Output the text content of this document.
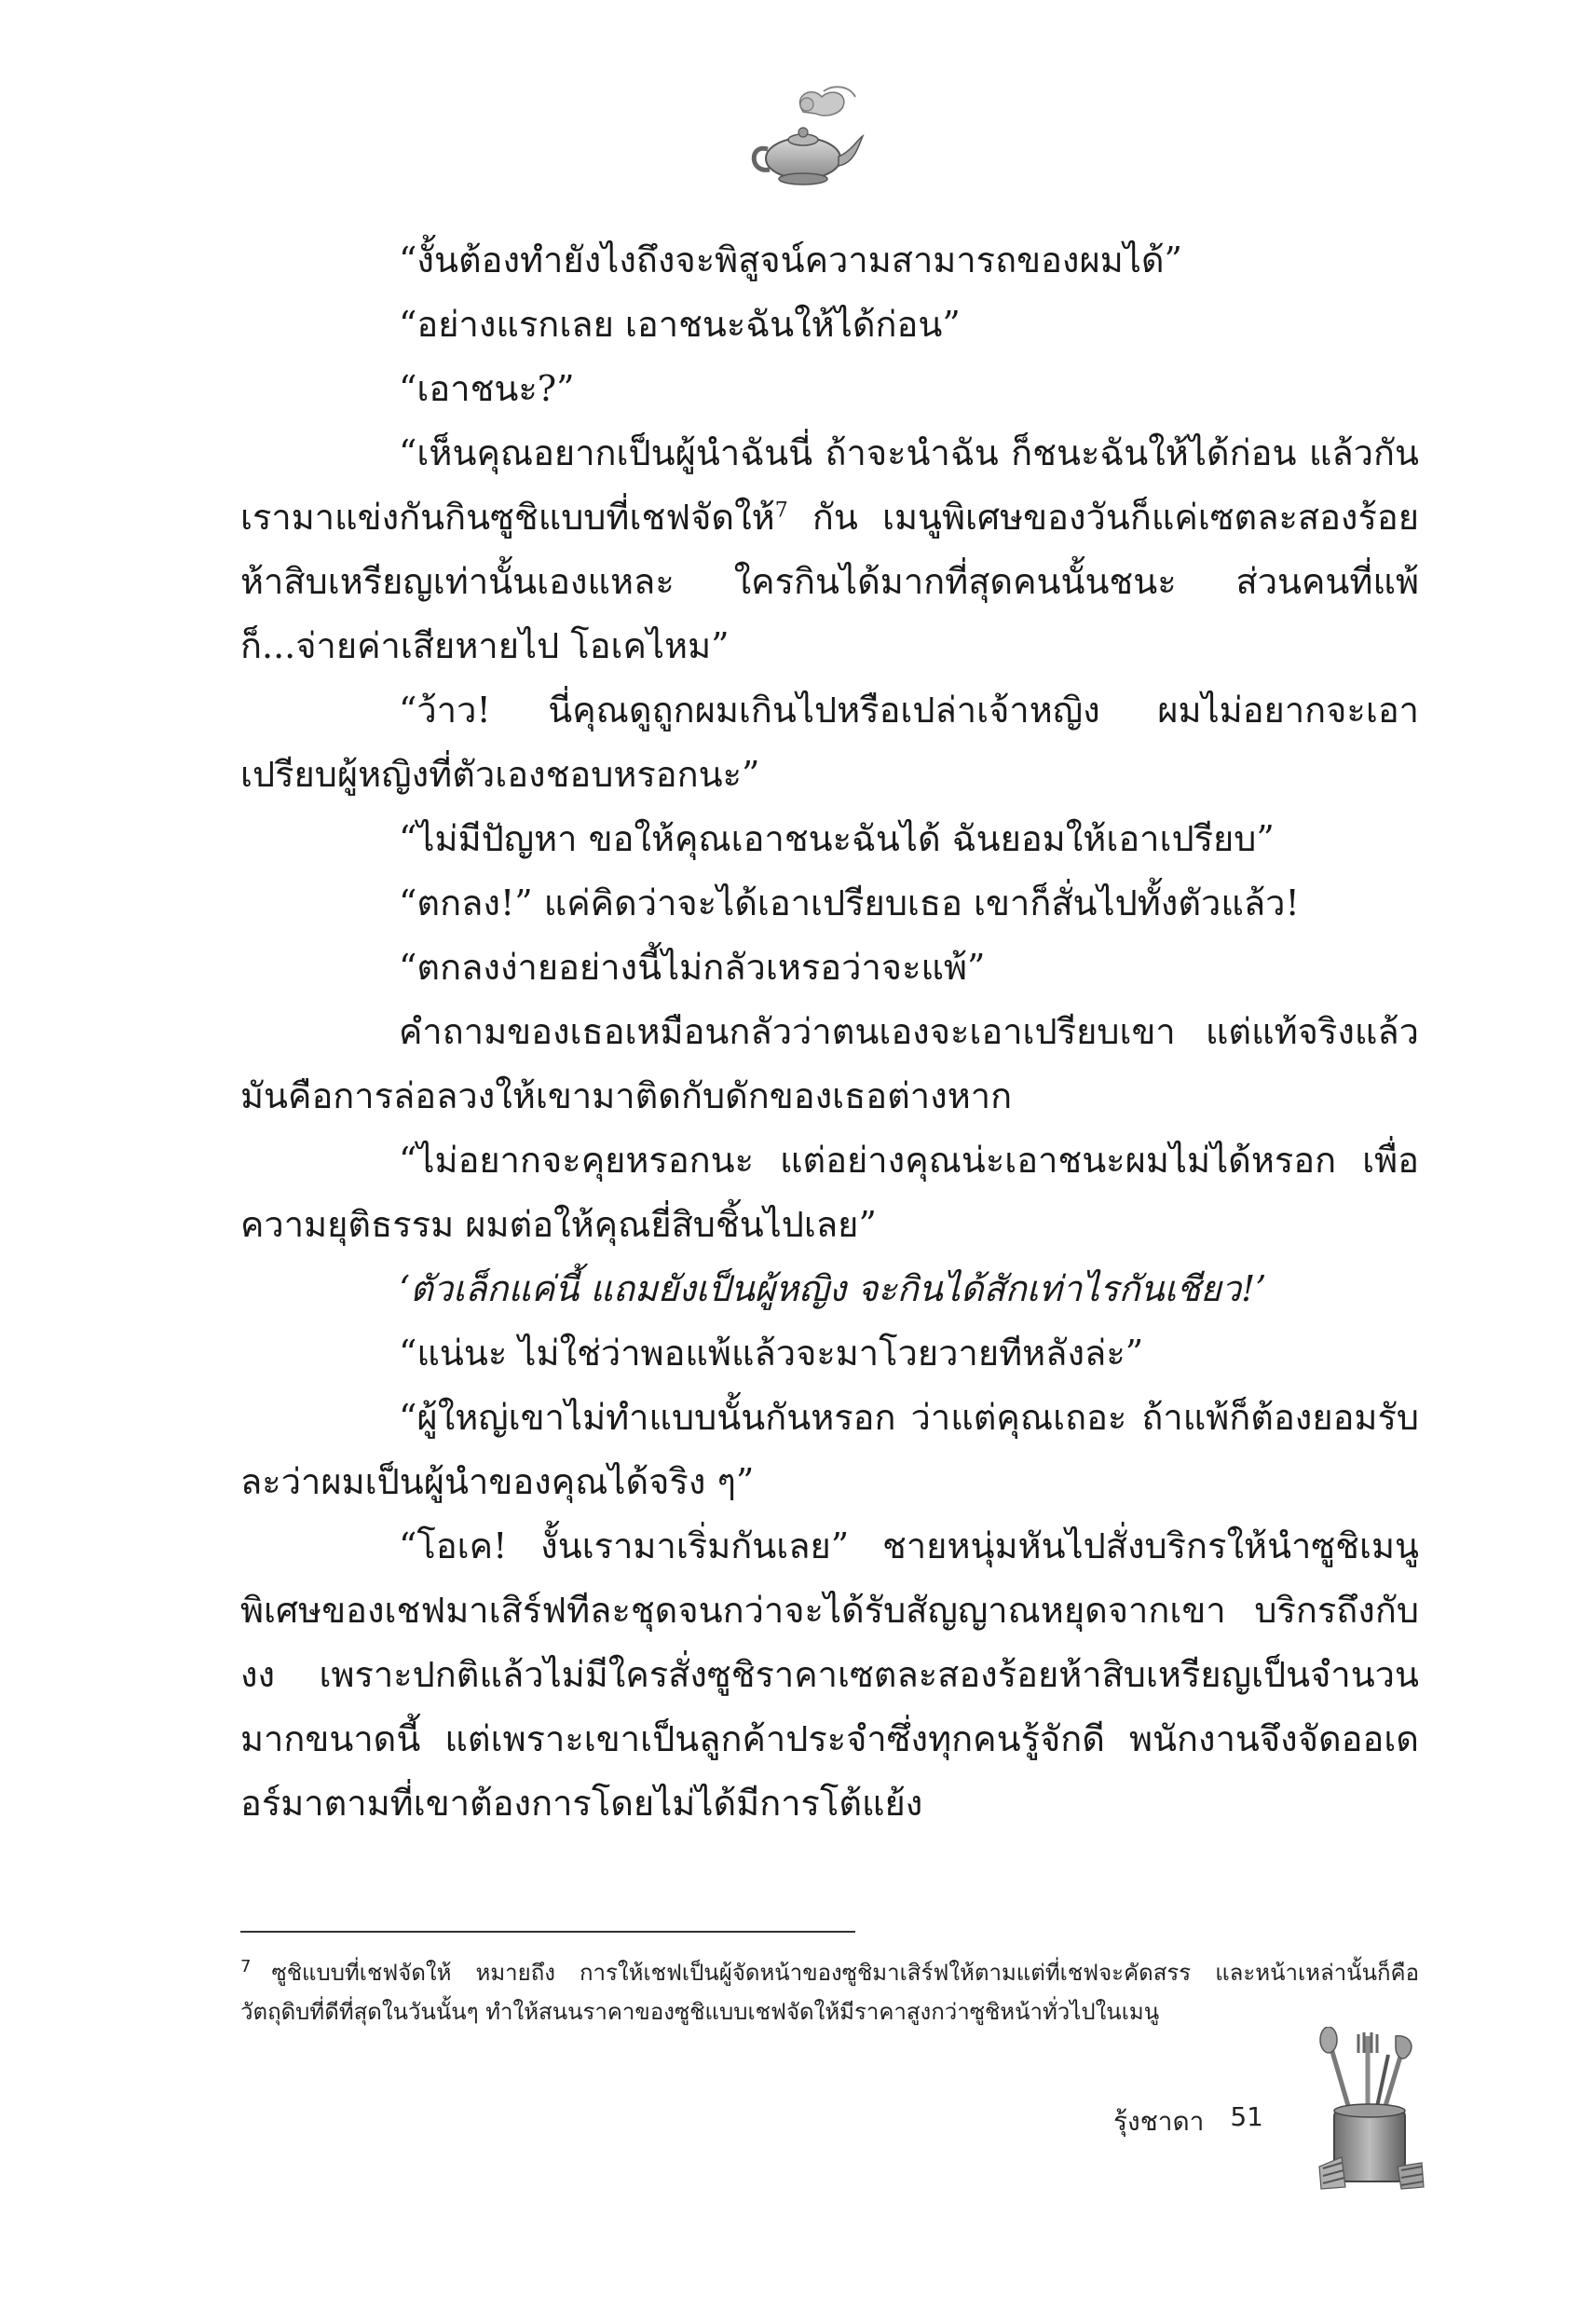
“งั้นต้องทำยังไงถึงจะพิสูจน์ความสามารถของผมได้”

“อย่างแรกเลย เอาชนะฉันให้ได้ก่อน”

“เอาชนะ?”

“เห็นคุณอยากเป็นผู้นำฉันนี่ ถ้าจะนำฉัน ก็ชนะฉันให้ได้ก่อน แล้วกัน เรามาแข่งกันกินซูชิแบบที่เชฟจัดให้$^7$ กัน เมนูพิเศษของวันก็แค่เซตละสองร้อยห้าสิบเหรียญเท่านั้นเองแหละ ใครกินได้มากที่สุดคนนั้นชนะ ส่วนคนที่แพ้ก็...จ่ายค่าเสียหายไป โอเคไหม”

“ว้าว! นี่คุณดูถูกผมเกินไปหรือเปล่าเจ้าหญิง ผมไม่อยากจะเอาเปรียบผู้หญิงที่ตัวเองชอบหรอกนะ”

“ไม่มีปัญหา ขอให้คุณเอาชนะฉันได้ ฉันยอมให้เอาเปรียบ”

“ตกลง!” แค่คิดว่าจะได้เอาเปรียบเธอ เขาก็สั่นไปทั้งตัวแล้ว!

“ตกลงง่ายอย่างนี้ไม่กลัวเหรอว่าจะแพ้”

คำถามของเธอเหมือนกลัวว่าตนเองจะเอาเปรียบเขา แต่แท้จริงแล้วมันคือการล่อลวงให้เขามาติดกับดักของเธอต่างหาก

“ไม่อยากจะคุยหรอกนะ แต่อย่างคุณน่ะเอาชนะผมไม่ได้หรอก เพื่อความยุติธรรม ผมต่อให้คุณยี่สิบชิ้นไปเลย”

‘ตัวเล็กแค่นี้ แถมยังเป็นผู้หญิง จะกินได้สักเท่าไรกันเชียว!’

“แน่นะ ไม่ใช่ว่าพอแพ้แล้วจะมาโวยวายทีหลังล่ะ”

“ผู้ใหญ่เขาไม่ทำแบบนั้นกันหรอก ว่าแต่คุณเถอะ ถ้าแพ้ก็ต้องยอมรับละว่าผมเป็นผู้นำของคุณได้จริง ๆ”

“โอเค! งั้นเรามาเริ่มกันเลย” ชายหนุ่มหันไปสั่งบริกรให้นำซูชิเมนูพิเศษของเชฟมาเสิร์ฟทีละชุดจนกว่าจะได้รับสัญญาณหยุดจากเขา บริกรถึงกับงง เพราะปกติแล้วไม่มีใครสั่งซูชิราคาเซตละสองร้อยห้าสิบเหรียญเป็นจำนวนมากขนาดนี้ แต่เพราะเขาเป็นลูกค้าประจำซึ่งทุกคนรู้จักดี พนักงานจึงจัดออเดอร์มาตามที่เขาต้องการโดยไม่ได้มีการโต้แย้ง

$^7$ ซูชิแบบที่เชฟจัดให้ หมายถึง การให้เชฟเป็นผู้จัดหน้าของซูชิมาเสิร์ฟให้ตามแต่ที่เชฟจะคัดสรร และหน้าเหล่านั้นก็คือวัตถุดิบที่ดีที่สุดในวันนั้นๆ ทำให้สนนราคาของซูชิแบบเชฟจัดให้มีราคาสูงกว่าซูชิหน้าทั่วไปในเมนู
รุ้งชาดา 51
